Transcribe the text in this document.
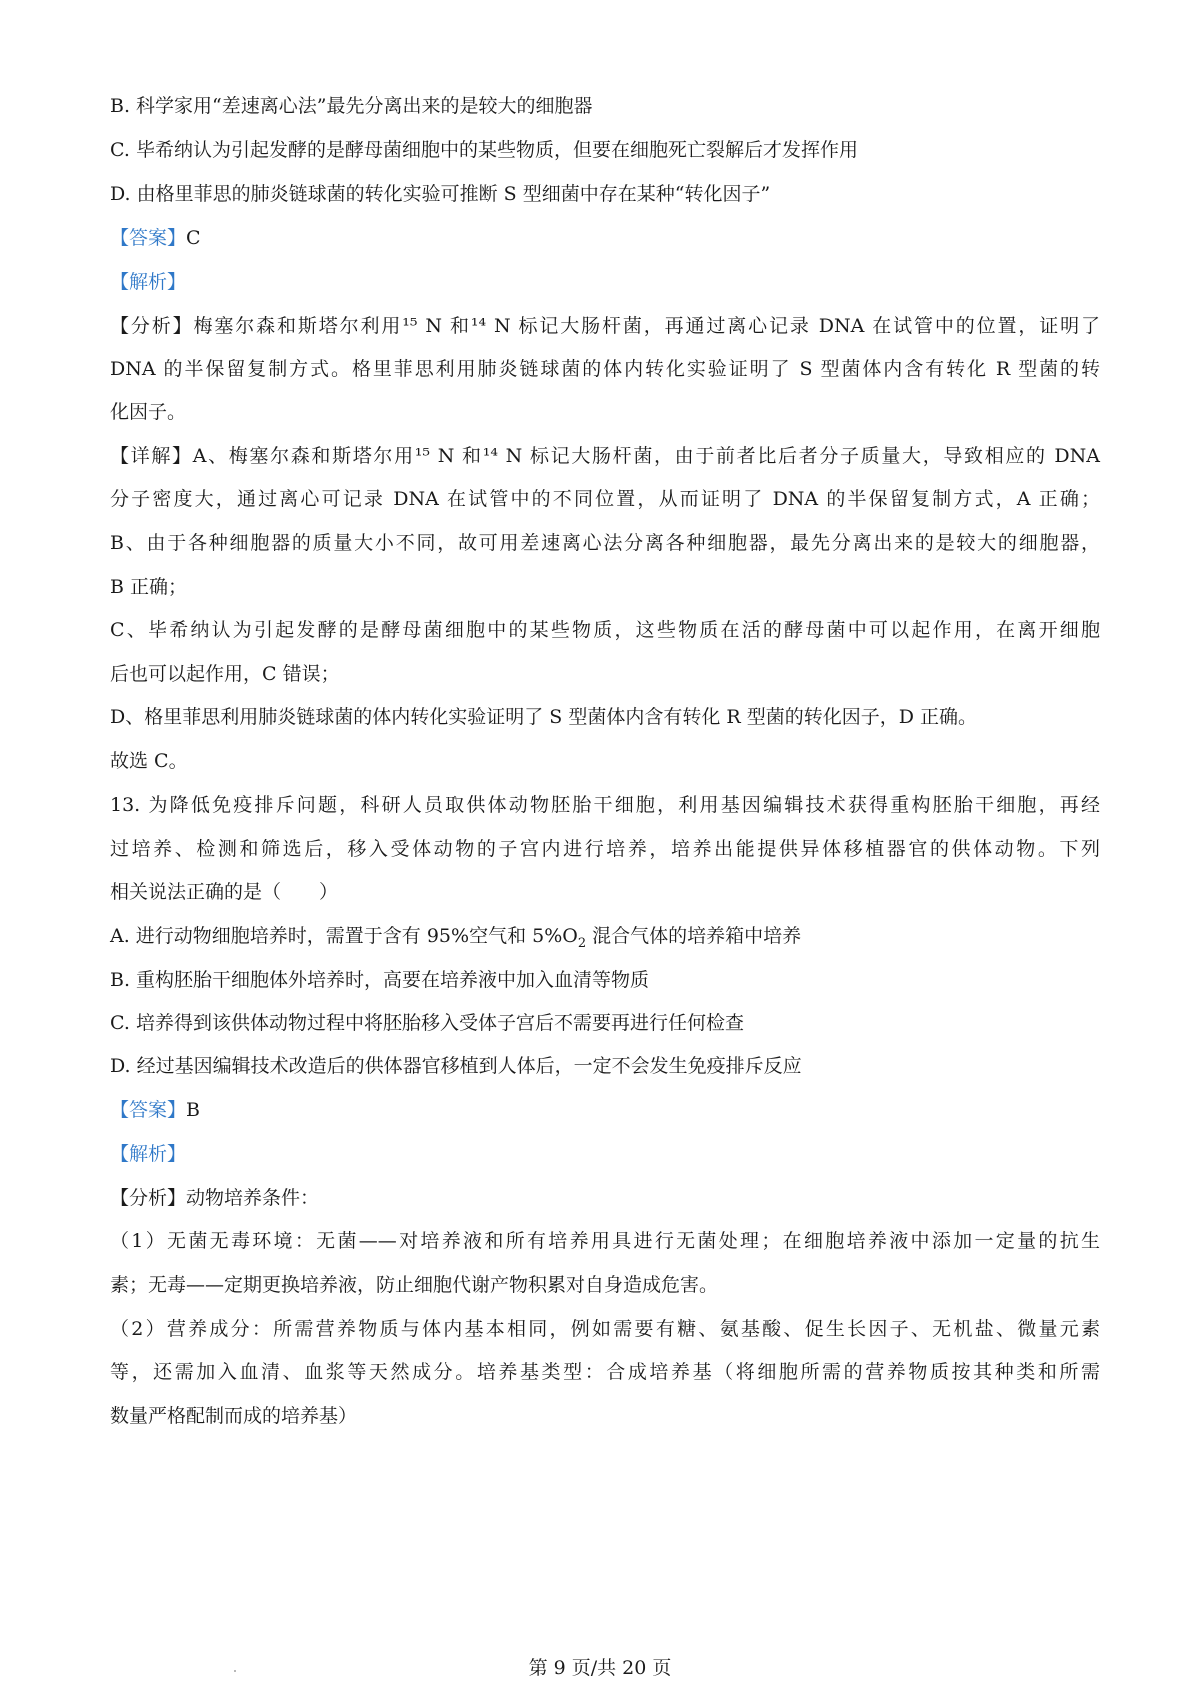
B. 科学家用“差速离心法”最先分离出来的是较大的细胞器
C. 毕希纳认为引起发酵的是酵母菌细胞中的某些物质，但要在细胞死亡裂解后才发挥作用
D. 由格里菲思的肺炎链球菌的转化实验可推断 S 型细菌中存在某种“转化因子”
【答案】C
【解析】
【分析】梅塞尔森和斯塔尔利用¹⁵ N 和¹⁴ N 标记大肠杆菌，再通过离心记录 DNA 在试管中的位置，证明了
DNA 的半保留复制方式。格里菲思利用肺炎链球菌的体内转化实验证明了 S 型菌体内含有转化 R 型菌的转
化因子。
【详解】A、梅塞尔森和斯塔尔用¹⁵ N 和¹⁴ N 标记大肠杆菌，由于前者比后者分子质量大，导致相应的 DNA
分子密度大，通过离心可记录 DNA 在试管中的不同位置，从而证明了 DNA 的半保留复制方式，A 正确；
B、由于各种细胞器的质量大小不同，故可用差速离心法分离各种细胞器，最先分离出来的是较大的细胞器，
B 正确；
C、毕希纳认为引起发酵的是酵母菌细胞中的某些物质，这些物质在活的酵母菌中可以起作用，在离开细胞
后也可以起作用，C 错误；
D、格里菲思利用肺炎链球菌的体内转化实验证明了 S 型菌体内含有转化 R 型菌的转化因子，D 正确。
故选 C。
13. 为降低免疫排斥问题，科研人员取供体动物胚胎干细胞，利用基因编辑技术获得重构胚胎干细胞，再经
过培养、检测和筛选后，移入受体动物的子宫内进行培养，培养出能提供异体移植器官的供体动物。下列
相关说法正确的是（　　）
A. 进行动物细胞培养时，需置于含有 95%空气和 $5\%O_2$ 混合气体的培养箱中培养
B. 重构胚胎干细胞体外培养时，高要在培养液中加入血清等物质
C. 培养得到该供体动物过程中将胚胎移入受体子宫后不需要再进行任何检查
D. 经过基因编辑技术改造后的供体器官移植到人体后，一定不会发生免疫排斥反应
【答案】B
【解析】
【分析】动物培养条件：
（1）无菌无毒环境：无菌——对培养液和所有培养用具进行无菌处理；在细胞培养液中添加一定量的抗生
素；无毒——定期更换培养液，防止细胞代谢产物积累对自身造成危害。
（2）营养成分：所需营养物质与体内基本相同，例如需要有糖、氨基酸、促生长因子、无机盐、微量元素
等，还需加入血清、血浆等天然成分。培养基类型：合成培养基（将细胞所需的营养物质按其种类和所需
数量严格配制而成的培养基）
第 9 页/共 20 页
